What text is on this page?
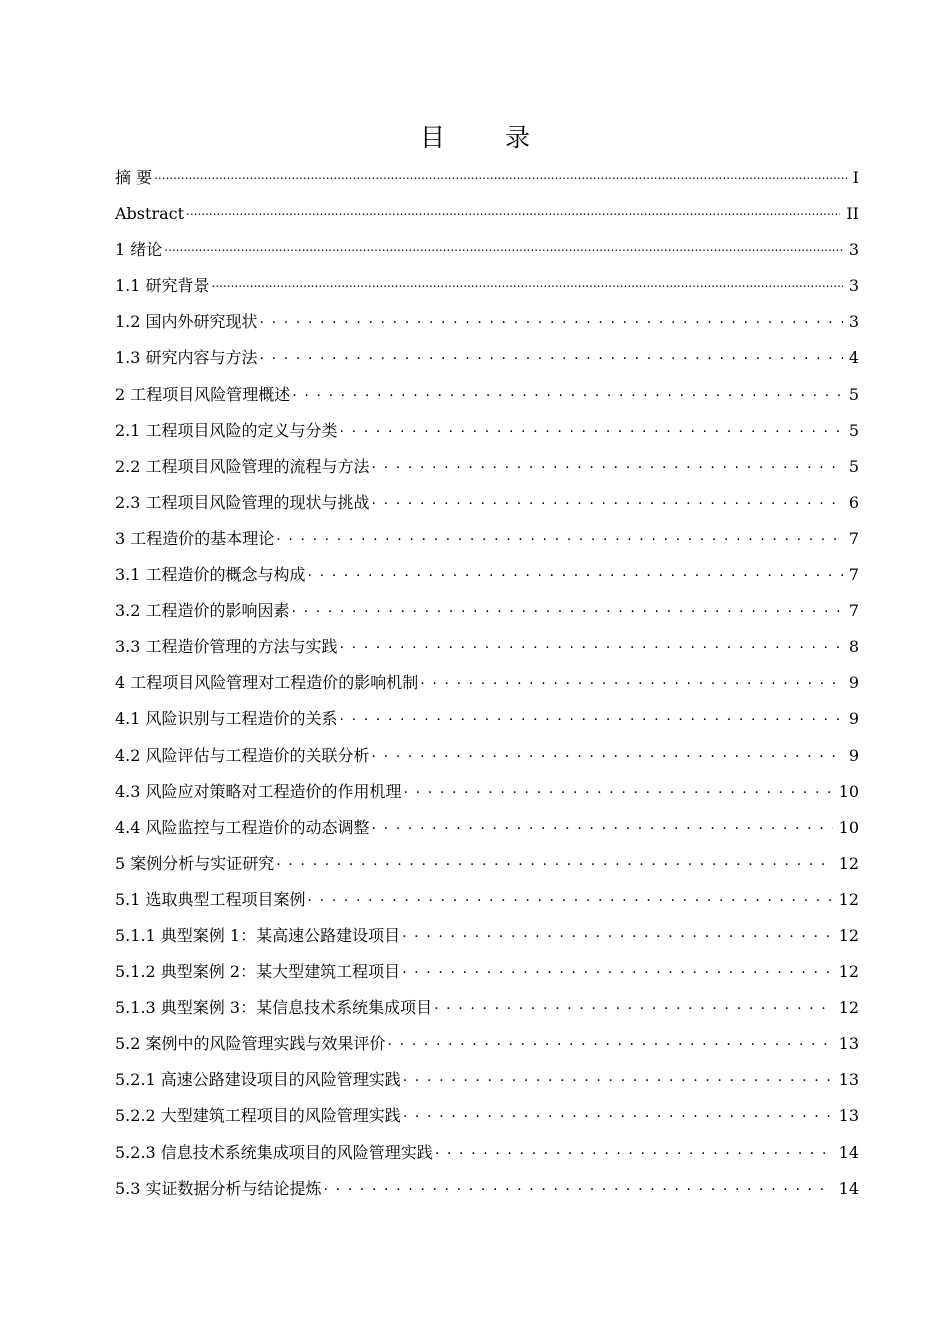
目 录
摘 要 .....	I
Abstract .....	II
1 绪论 .....	3
1.1 研究背景 .....	3
1.2 国内外研究现状 . . .	3
1.3 研究内容与方法 . . .	4
2 工程项目风险管理概述 . . .	5
2.1 工程项目风险的定义与分类 . . .	5
2.2 工程项目风险管理的流程与方法 . . .	5
2.3 工程项目风险管理的现状与挑战 . . .	6
3 工程造价的基本理论 . . .	7
3.1 工程造价的概念与构成 . . .	7
3.2 工程造价的影响因素 . . .	7
3.3 工程造价管理的方法与实践 . . .	8
4 工程项目风险管理对工程造价的影响机制 . . .	9
4.1 风险识别与工程造价的关系 . . .	9
4.2 风险评估与工程造价的关联分析 . . .	9
4.3 风险应对策略对工程造价的作用机理 . . .	10
4.4 风险监控与工程造价的动态调整 . . .	10
5 案例分析与实证研究 . . .	12
5.1 选取典型工程项目案例 . . .	12
5.1.1 典型案例 1：某高速公路建设项目 . . .	12
5.1.2 典型案例 2：某大型建筑工程项目 . . .	12
5.1.3 典型案例 3：某信息技术系统集成项目 . . .	12
5.2 案例中的风险管理实践与效果评价 . . .	13
5.2.1 高速公路建设项目的风险管理实践 . . .	13
5.2.2 大型建筑工程项目的风险管理实践 . . .	13
5.2.3 信息技术系统集成项目的风险管理实践 . . .	14
5.3 实证数据分析与结论提炼 . . .	14
